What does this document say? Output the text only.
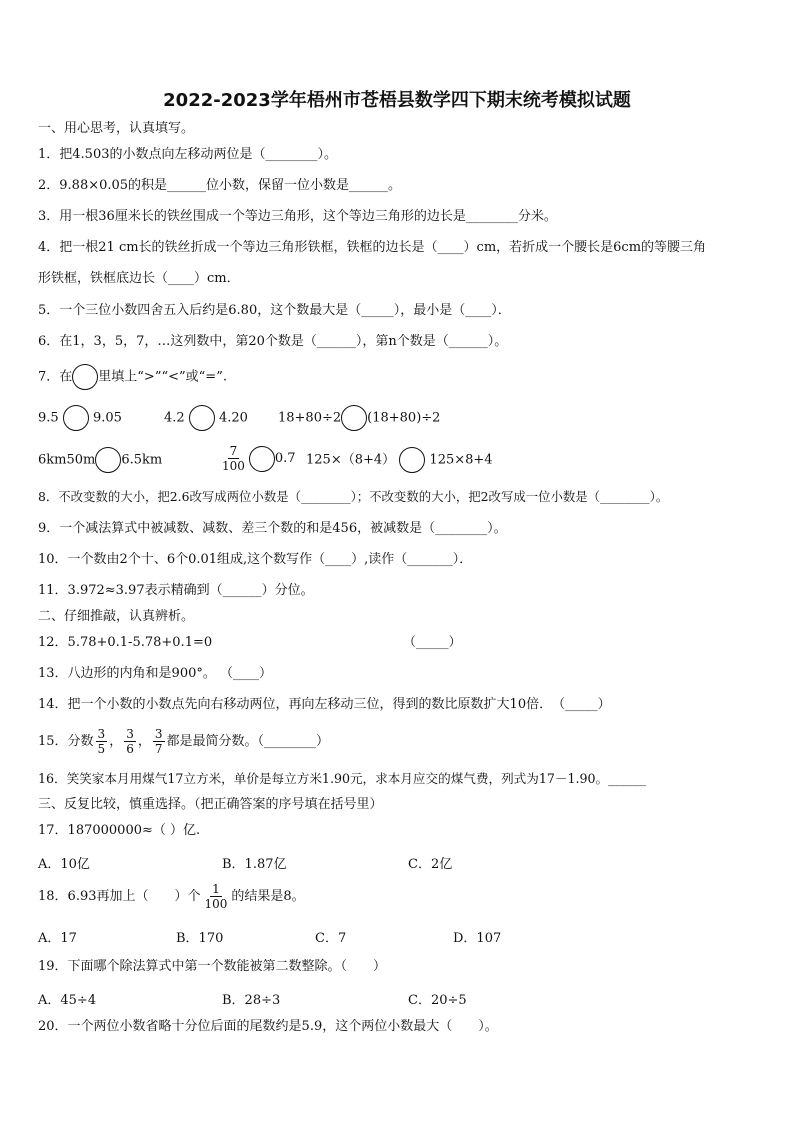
2022-2023学年梧州市苍梧县数学四下期末统考模拟试题
一、用心思考，认真填写。
1．把4.503的小数点向左移动两位是（________）。
2．9.88×0.05的积是______位小数，保留一位小数是______。
3．用一根36厘米长的铁丝围成一个等边三角形，这个等边三角形的边长是________分米。
4．把一根21 cm长的铁丝折成一个等边三角形铁框，铁框的边长是（____）cm，若折成一个腰长是6cm的等腰三角
形铁框，铁框底边长（____）cm．
5．一个三位小数四舍五入后约是6.80，这个数最大是（_____），最小是（____）．
6．在1，3，5，7，…这列数中，第20个数是（______），第n个数是（______）。
7．在 里填上“>”“<”或“=”.
9.5	9.05	4.2	4.20 18+80÷2 (18+80)÷2
6km50m 6.5km	$\frac{7}{100} 0.7$ 125×（8+4）	125×8+4
8．不改变数的大小，把2.6改写成两位小数是（________）；不改变数的大小，把2改写成一位小数是（________）。
9．一个减法算式中被减数、减数、差三个数的和是456，被减数是（________）。
10．一个数由2个十、6个0.01组成,这个数写作（____）,读作（_______）．
11．3.972≈3.97表示精确到（______）分位。
二、仔细推敲，认真辨析。
12．5.78+0.1-5.78+0.1=0	（_____）
13．八边形的内角和是900°。 （____）
14．把一个小数的小数点先向右移动两位，再向左移动三位，得到的数比原数扩大10倍．　（_____）
15．分数 $\frac{3}{5}$ ， $\frac{3}{6}$ ， $\frac{3}{7}$ 都是最简分数。（________）
16．笑笑家本月用煤气17立方米，单价是每立方米1.90元，求本月应交的煤气费，列式为17－1.90。______
三、反复比较，慎重选择。（把正确答案的序号填在括号里）
17．187000000≈（ ）亿.
A．10亿	B．1.87亿	C．2亿
18．6.93再加上（　　）个 $\frac{1}{100}$ 的结果是8。
A．17	B．170	C．7	D．107
19．下面哪个除法算式中第一个数能被第二数整除。（　　）
A．45÷4	B．28÷3	C．20÷5
20．一个两位小数省略十分位后面的尾数约是5.9，这个两位小数最大（　　）。
